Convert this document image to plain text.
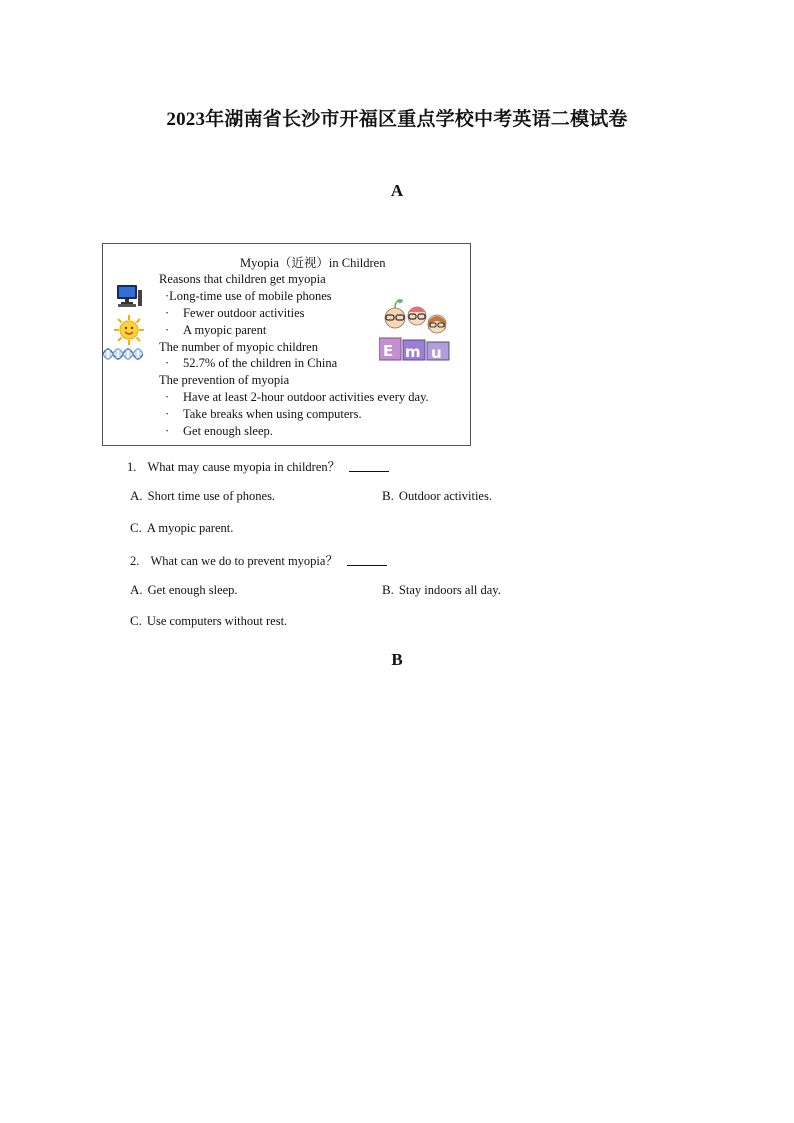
2023年湖南省长沙市开福区重点学校中考英语二模试卷
A
Myopia（近视）in Children
Reasons that children get myopia
·Long-time use of mobile phones
· Fewer outdoor activities
· A myopic parent
The number of myopic children
· 52.7% of the children in China
The prevention of myopia
· Have at least 2-hour outdoor activities every day.
· Take breaks when using computers.
· Get enough sleep.
E m u
1. What may cause myopia in children？
A. Short time use of phones.	B. Outdoor activities.
C. A myopic parent.
2. What can we do to prevent myopia？
A. Get enough sleep.	B. Stay indoors all day.
C. Use computers without rest.
B
